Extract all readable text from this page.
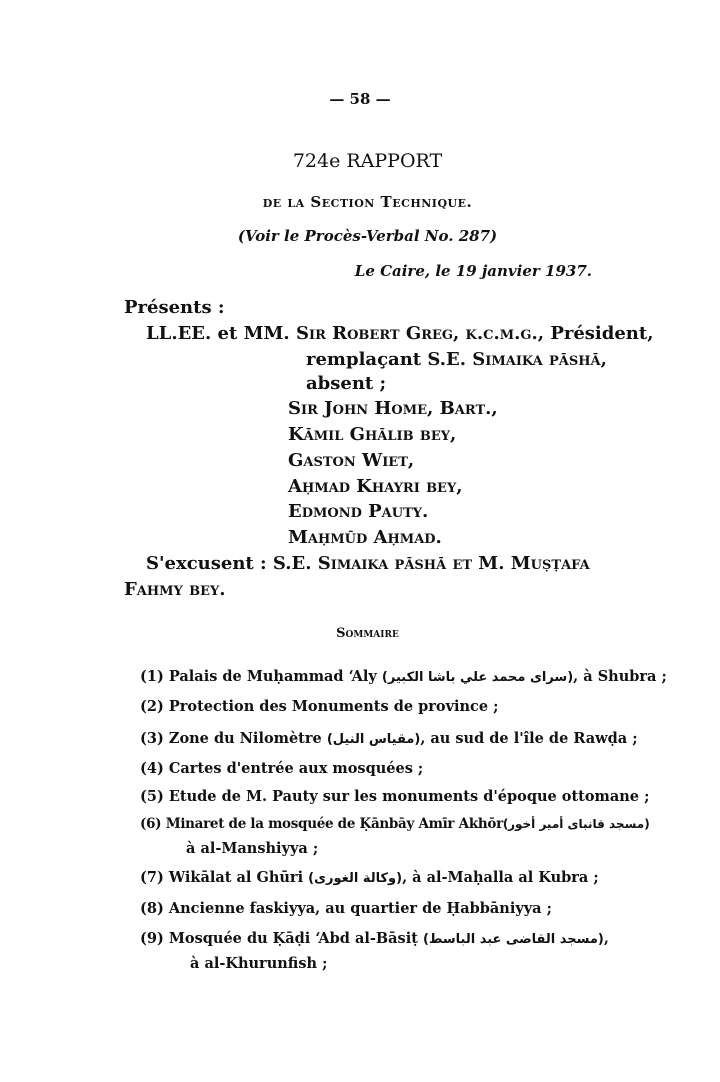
— 58 —
724e RAPPORT
de la Section Technique.
(Voir le Procès-Verbal No. 287)
Le Caire, le 19 janvier 1937.
Présents :
LL.EE. et MM. Sir Robert Greg, k.c.m.g., Président,
remplaçant S.E. Simaika pāshā,
absent ;
Sir John Home, Bart.,
Kāmil Ghālib bey,
Gaston Wiet,
Aḥmad Khayri bey,
Edmond Pauty.
Maḥmūd Aḥmad.
S'excusent : S.E. Simaika pāshā et M. Muṣṭafa
Fahmy bey.
Sommaire
(1) Palais de Muḥammad ‘Aly (سراى محمد علي باشا الكبير), à Shubra ;
(2) Protection des Monuments de province ;
(3) Zone du Nilomètre (مقياس النيل), au sud de l'île de Rawḍa ;
(4) Cartes d'entrée aux mosquées ;
(5) Etude de M. Pauty sur les monuments d'époque ottomane ;
(6) Minaret de la mosquée de Ḳānbāy Amīr Akhōr(مسجد قانباى أمير أخور)
à al-Manshiyya ;
(7) Wikālat al Ghūri (وكالة الغورى), à al-Maḥalla al Kubra ;
(8) Ancienne faskiyya, au quartier de Ḥabbāniyya ;
(9) Mosquée du Ḳāḍi ‘Abd al-Bāsiṭ (مسجد القاضى عبد الباسط),
à al-Khurunfish ;
